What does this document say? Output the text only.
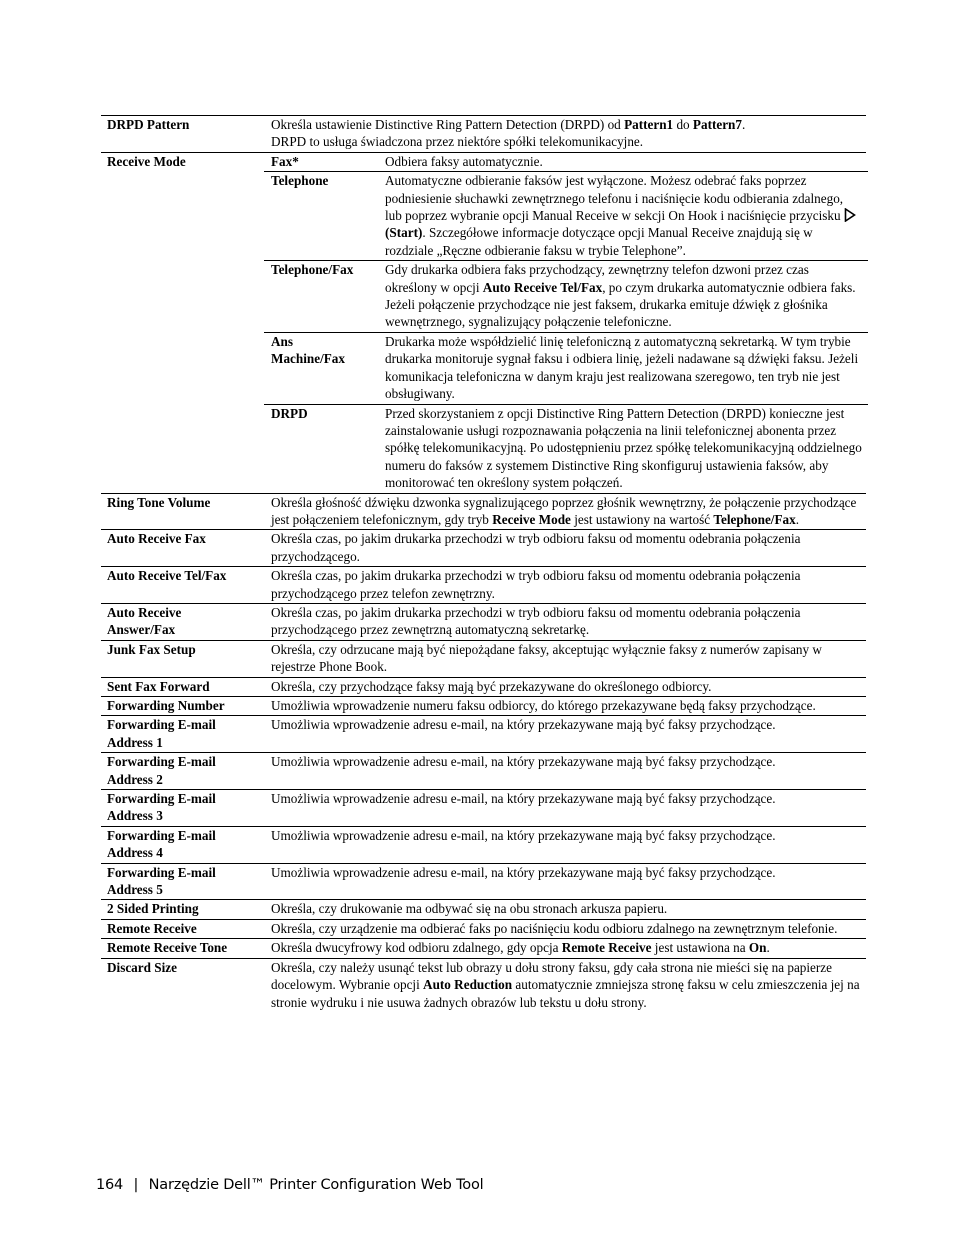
DRPD Pattern	Określa ustawienie Distinctive Ring Pattern Detection (DRPD) od Pattern1 do Pattern7.
DRPD to usługa świadczona przez niektóre spółki telekomunikacyjne.
Receive Mode		Fax*	Odbiera faksy automatycznie.
Telephone	Automatyczne odbieranie faksów jest wyłączone. Możesz odebrać faks poprzez podniesienie słuchawki zewnętrznego telefonu i naciśnięcie kodu odbierania zdalnego, lub poprzez wybranie opcji Manual Receive w sekcji On Hook i naciśnięcie przycisku  (Start). Szczegółowe informacje dotyczące opcji Manual Receive znajdują się w rozdziale „Ręczne odbieranie faksu w trybie Telephone”.
Telephone/Fax	Gdy drukarka odbiera faks przychodzący, zewnętrzny telefon dzwoni przez czas określony w opcji Auto Receive Tel/Fax, po czym drukarka automatycznie odbiera faks. Jeżeli połączenie przychodzące nie jest faksem, drukarka emituje dźwięk z głośnika wewnętrznego, sygnalizujący połączenie telefoniczne.
Ans
Machine/Fax	Drukarka może współdzielić linię telefoniczną z automatyczną sekretarką. W tym trybie drukarka monitoruje sygnał faksu i odbiera linię, jeżeli nadawane są dźwięki faksu. Jeżeli komunikacja telefoniczna w danym kraju jest realizowana szeregowo, ten tryb nie jest obsługiwany.
DRPD	Przed skorzystaniem z opcji Distinctive Ring Pattern Detection (DRPD) konieczne jest zainstalowanie usługi rozpoznawania połączenia na linii telefonicznej abonenta przez spółkę telekomunikacyjną. Po udostępnieniu przez spółkę telekomunikacyjną oddzielnego numeru do faksów z systemem Distinctive Ring skonfiguruj ustawienia faksów, aby monitorować ten określony system połączeń.

Ring Tone Volume	Określa głośność dźwięku dzwonka sygnalizującego poprzez głośnik wewnętrzny, że połączenie przychodzące jest połączeniem telefonicznym, gdy tryb Receive Mode jest ustawiony na wartość Telephone/Fax.
Auto Receive Fax	Określa czas, po jakim drukarka przechodzi w tryb odbioru faksu od momentu odebrania połączenia przychodzącego.
Auto Receive Tel/Fax	Określa czas, po jakim drukarka przechodzi w tryb odbioru faksu od momentu odebrania połączenia przychodzącego przez telefon zewnętrzny.
Auto Receive
Answer/Fax	Określa czas, po jakim drukarka przechodzi w tryb odbioru faksu od momentu odebrania połączenia przychodzącego przez zewnętrzną automatyczną sekretarkę.
Junk Fax Setup	Określa, czy odrzucane mają być niepożądane faksy, akceptując wyłącznie faksy z numerów zapisany w rejestrze Phone Book.
Sent Fax Forward	Określa, czy przychodzące faksy mają być przekazywane do określonego odbiorcy.
Forwarding Number	Umożliwia wprowadzenie numeru faksu odbiorcy, do którego przekazywane będą faksy przychodzące.
Forwarding E-mail
Address 1	Umożliwia wprowadzenie adresu e-mail, na który przekazywane mają być faksy przychodzące.
Forwarding E-mail
Address 2	Umożliwia wprowadzenie adresu e-mail, na który przekazywane mają być faksy przychodzące.
Forwarding E-mail
Address 3	Umożliwia wprowadzenie adresu e-mail, na który przekazywane mają być faksy przychodzące.
Forwarding E-mail
Address 4	Umożliwia wprowadzenie adresu e-mail, na który przekazywane mają być faksy przychodzące.
Forwarding E-mail
Address 5	Umożliwia wprowadzenie adresu e-mail, na który przekazywane mają być faksy przychodzące.
2 Sided Printing	Określa, czy drukowanie ma odbywać się na obu stronach arkusza papieru.
Remote Receive	Określa, czy urządzenie ma odbierać faks po naciśnięciu kodu odbioru zdalnego na zewnętrznym telefonie.
Remote Receive Tone	Określa dwucyfrowy kod odbioru zdalnego, gdy opcja Remote Receive jest ustawiona na On.
Discard Size	Określa, czy należy usunąć tekst lub obrazy u dołu strony faksu, gdy cała strona nie mieści się na papierze docelowym. Wybranie opcji Auto Reduction automatycznie zmniejsza stronę faksu w celu zmieszczenia jej na stronie wydruku i nie usuwa żadnych obrazów lub tekstu u dołu strony.
164 | Narzędzie Dell™ Printer Configuration Web Tool
